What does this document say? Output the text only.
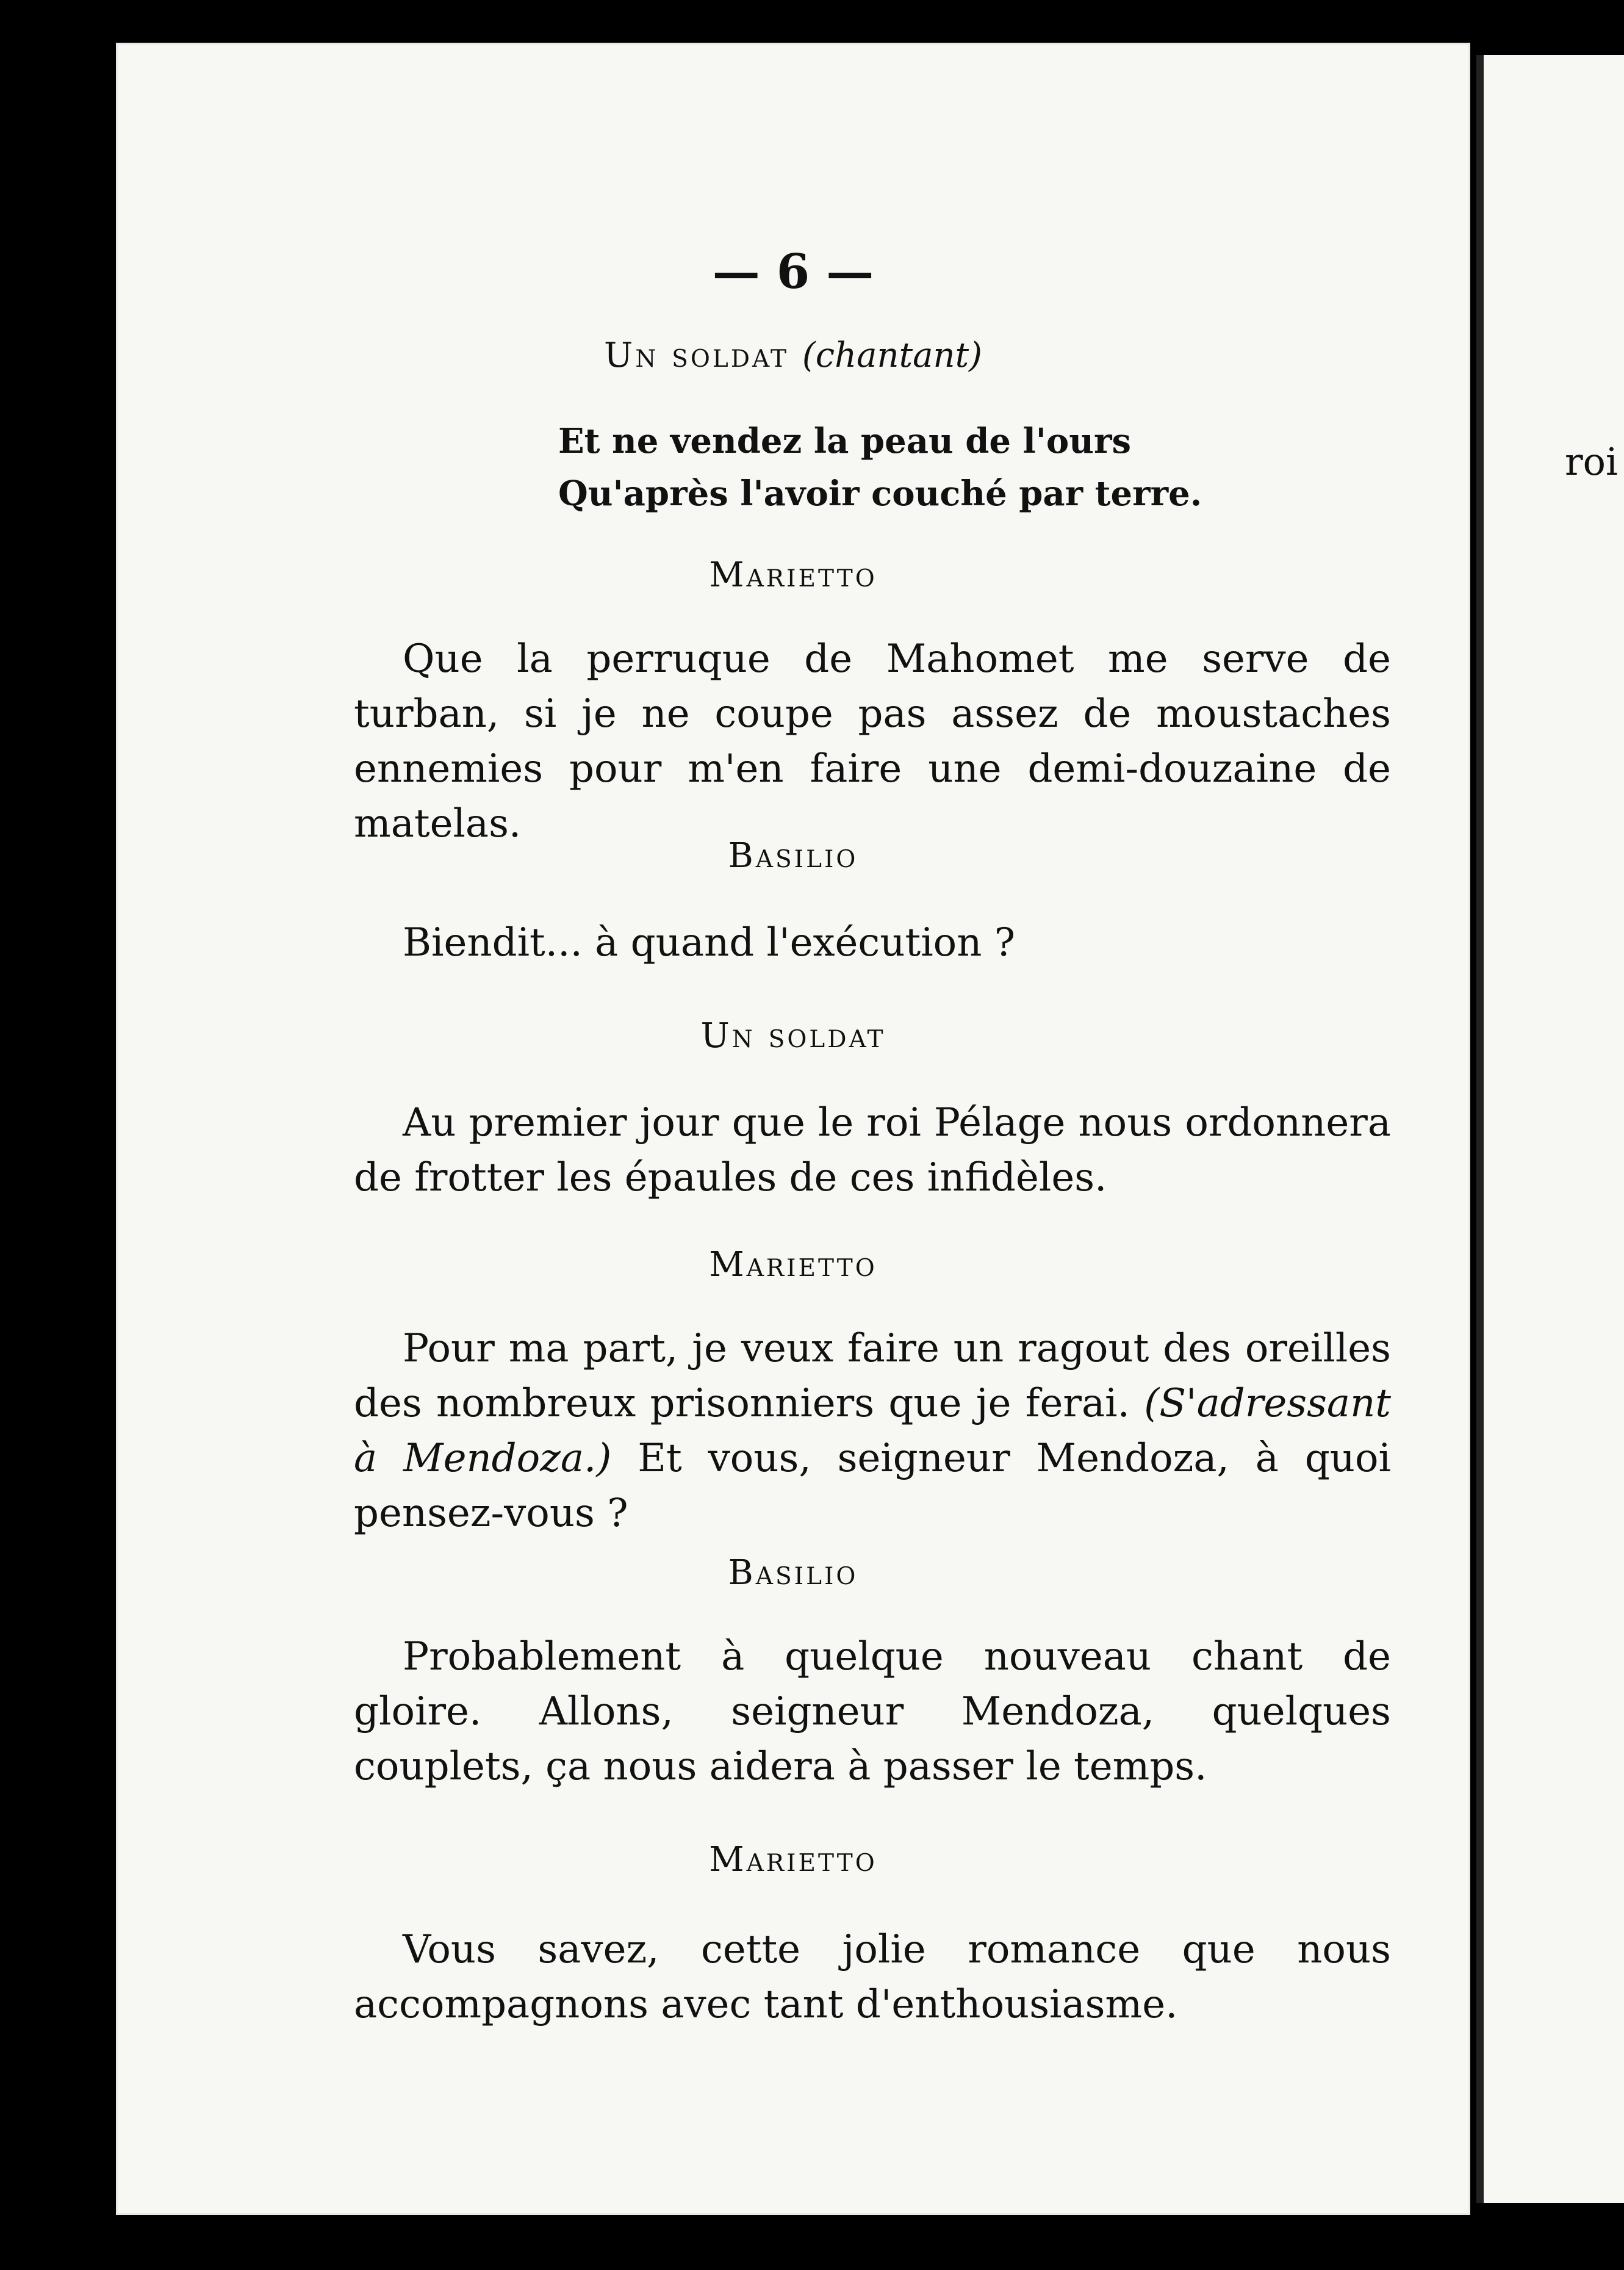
— 6 —
Un soldat (chantant)
Et ne vendez la peau de l'ours
Qu'après l'avoir couché par terre.
Marietto
Que la perruque de Mahomet me serve de turban, si je ne coupe pas assez de moustaches ennemies pour m'en faire une demi-douzaine de matelas.
Basilio
Biendit... à quand l'exécution ?
Un soldat
Au premier jour que le roi Pélage nous ordonnera de frotter les épaules de ces infidèles.
Marietto
Pour ma part, je veux faire un ragout des oreilles des nombreux prisonniers que je ferai. (S'adressant à Mendoza.) Et vous, seigneur Mendoza, à quoi pensez-vous ?
Basilio
Probablement à quelque nouveau chant de gloire. Allons, seigneur Mendoza, quelques couplets, ça nous aidera à passer le temps.
Marietto
Vous savez, cette jolie romance que nous accompagnons avec tant d'enthousiasme.
roi
